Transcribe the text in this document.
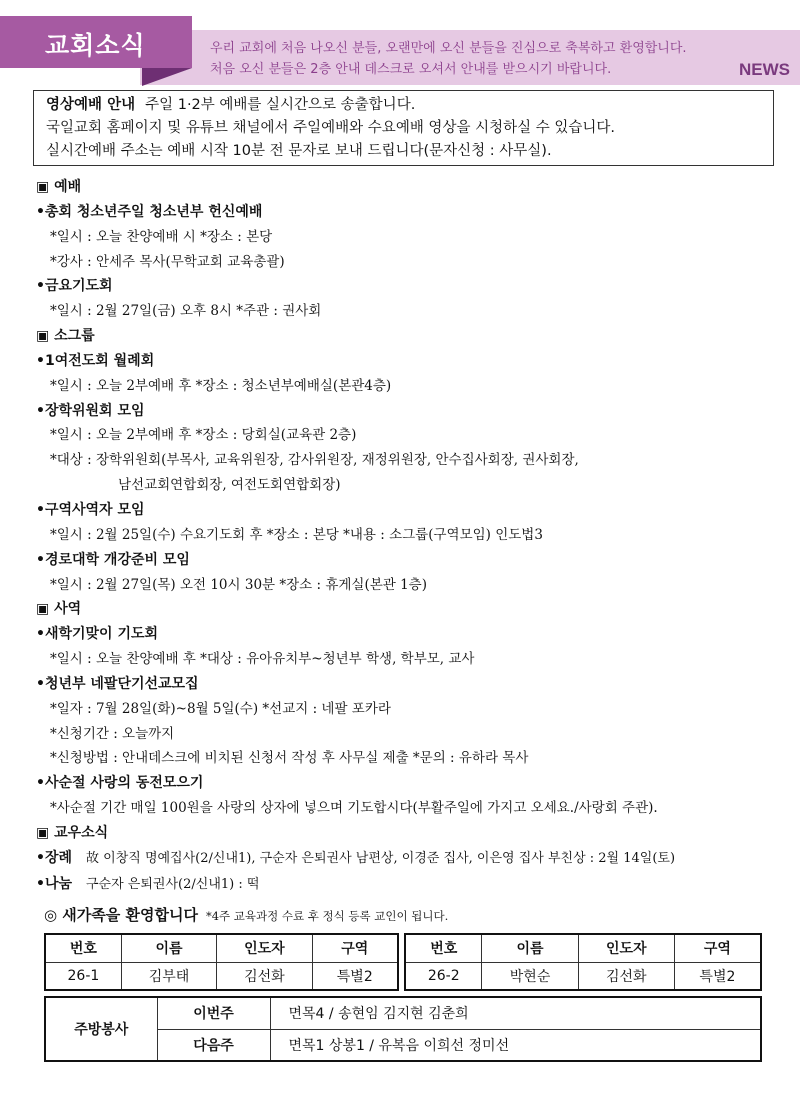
교회소식	우리 교회에 처음 나오신 분들, 오랜만에 오신 분들을 진심으로 축복하고 환영합니다.
처음 오신 분들은 2층 안내 데스크로 오셔서 안내를 받으시기 바랍니다.	NEWS
영상예배 안내 주일 1·2부 예배를 실시간으로 송출합니다.
국일교회 홈페이지 및 유튜브 채널에서 주일예배와 수요예배 영상을 시청하실 수 있습니다.
실시간예배 주소는 예배 시작 10분 전 문자로 보내 드립니다(문자신청 : 사무실).
▣ 예배
•총회 청소년주일 청소년부 헌신예배
*일시 : 오늘 찬양예배 시 *장소 : 본당
*강사 : 안세주 목사(무학교회 교육총괄)
•금요기도회
*일시 : 2월 27일(금) 오후 8시 *주관 : 권사회
▣ 소그룹
•1여전도회 월례회
*일시 : 오늘 2부예배 후 *장소 : 청소년부예배실(본관4층)
•장학위원회 모임
*일시 : 오늘 2부예배 후 *장소 : 당회실(교육관 2층)
*대상 : 장학위원회(부목사, 교육위원장, 감사위원장, 재정위원장, 안수집사회장, 권사회장,
남선교회연합회장, 여전도회연합회장)
•구역사역자 모임
*일시 : 2월 25일(수) 수요기도회 후 *장소 : 본당 *내용 : 소그룹(구역모임) 인도법3
•경로대학 개강준비 모임
*일시 : 2월 27일(목) 오전 10시 30분 *장소 : 휴게실(본관 1층)
▣ 사역
•새학기맞이 기도회
*일시 : 오늘 찬양예배 후 *대상 : 유아유치부~청년부 학생, 학부모, 교사
•청년부 네팔단기선교모집
*일자 : 7월 28일(화)~8월 5일(수) *선교지 : 네팔 포카라
*신청기간 : 오늘까지
*신청방법 : 안내데스크에 비치된 신청서 작성 후 사무실 제출 *문의 : 유하라 목사
•사순절 사랑의 동전모으기
*사순절 기간 매일 100원을 사랑의 상자에 넣으며 기도합시다(부활주일에 가지고 오세요./사랑회 주관).
▣ 교우소식
•장례 故 이창직 명예집사(2/신내1), 구순자 은퇴권사 남편상, 이경준 집사, 이은영 집사 부친상 : 2월 14일(토)
•나눔 구순자 은퇴권사(2/신내1) : 떡
◎ 새가족을 환영합니다 *4주 교육과정 수료 후 정식 등록 교인이 됩니다.
번호	이름	인도자	구역
26-1	김부태	김선화	특별2
번호	이름	인도자	구역
26-2	박현순	김선화	특별2
주방봉사	이번주	면목4 / 송현임 김지현 김춘희
	다음주	면목1 상봉1 / 유복음 이희선 정미선
